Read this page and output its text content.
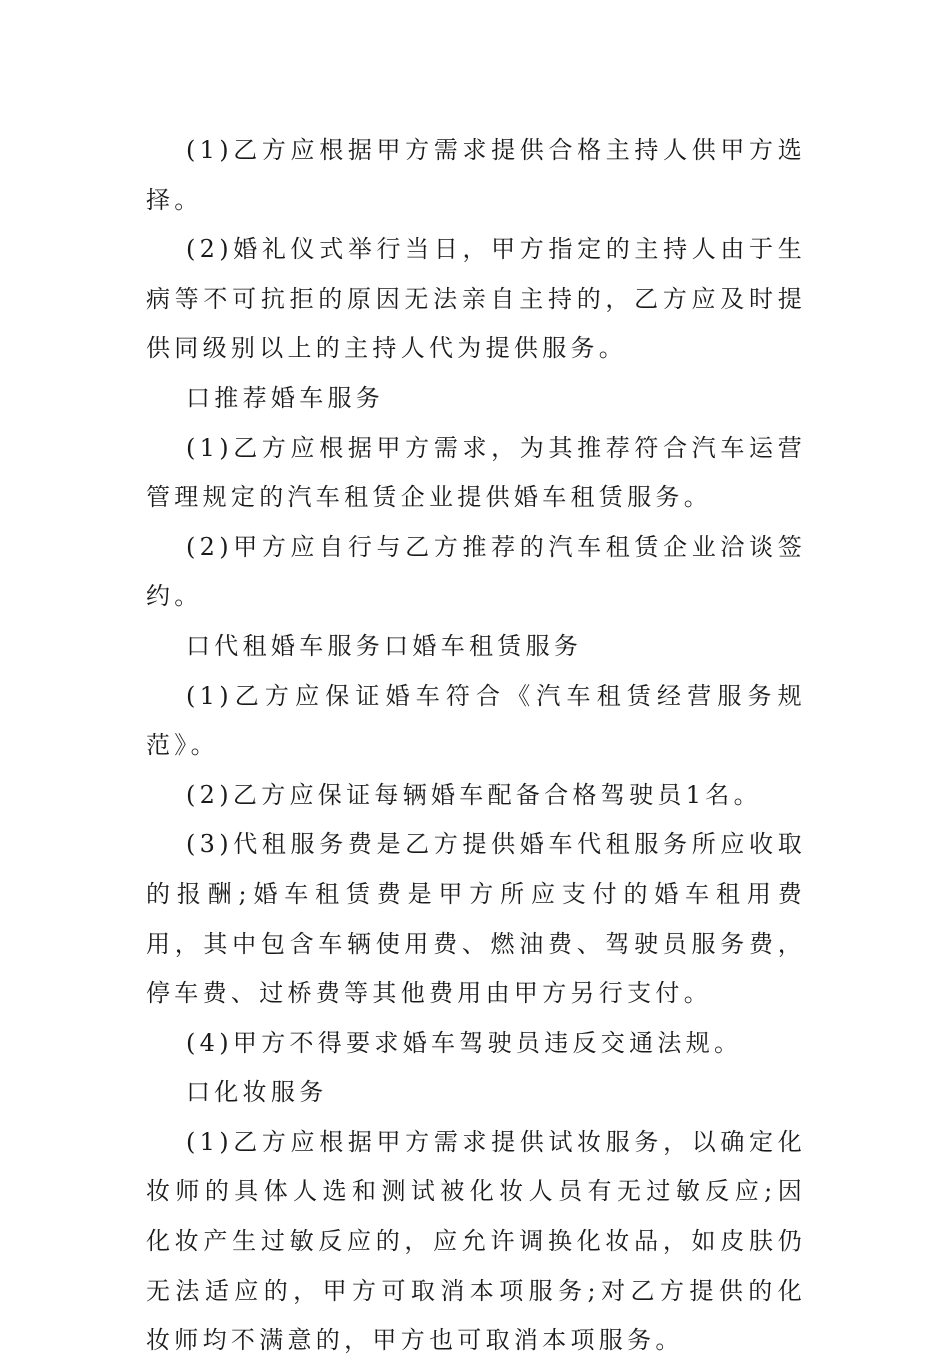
(1)乙方应根据甲方需求提供合格主持人供甲方选择。

(2)婚礼仪式举行当日，甲方指定的主持人由于生病等不可抗拒的原因无法亲自主持的，乙方应及时提供同级别以上的主持人代为提供服务。

口推荐婚车服务

(1)乙方应根据甲方需求，为其推荐符合汽车运营管理规定的汽车租赁企业提供婚车租赁服务。

(2)甲方应自行与乙方推荐的汽车租赁企业洽谈签约。

口代租婚车服务口婚车租赁服务

(1)乙方应保证婚车符合《汽车租赁经营服务规范》。

(2)乙方应保证每辆婚车配备合格驾驶员1名。

(3)代租服务费是乙方提供婚车代租服务所应收取的报酬;婚车租赁费是甲方所应支付的婚车租用费用，其中包含车辆使用费、燃油费、驾驶员服务费，停车费、过桥费等其他费用由甲方另行支付。

(4)甲方不得要求婚车驾驶员违反交通法规。

口化妆服务

(1)乙方应根据甲方需求提供试妆服务，以确定化妆师的具体人选和测试被化妆人员有无过敏反应;因化妆产生过敏反应的，应允许调换化妆品，如皮肤仍无法适应的，甲方可取消本项服务;对乙方提供的化妆师均不满意的，甲方也可取消本项服务。
